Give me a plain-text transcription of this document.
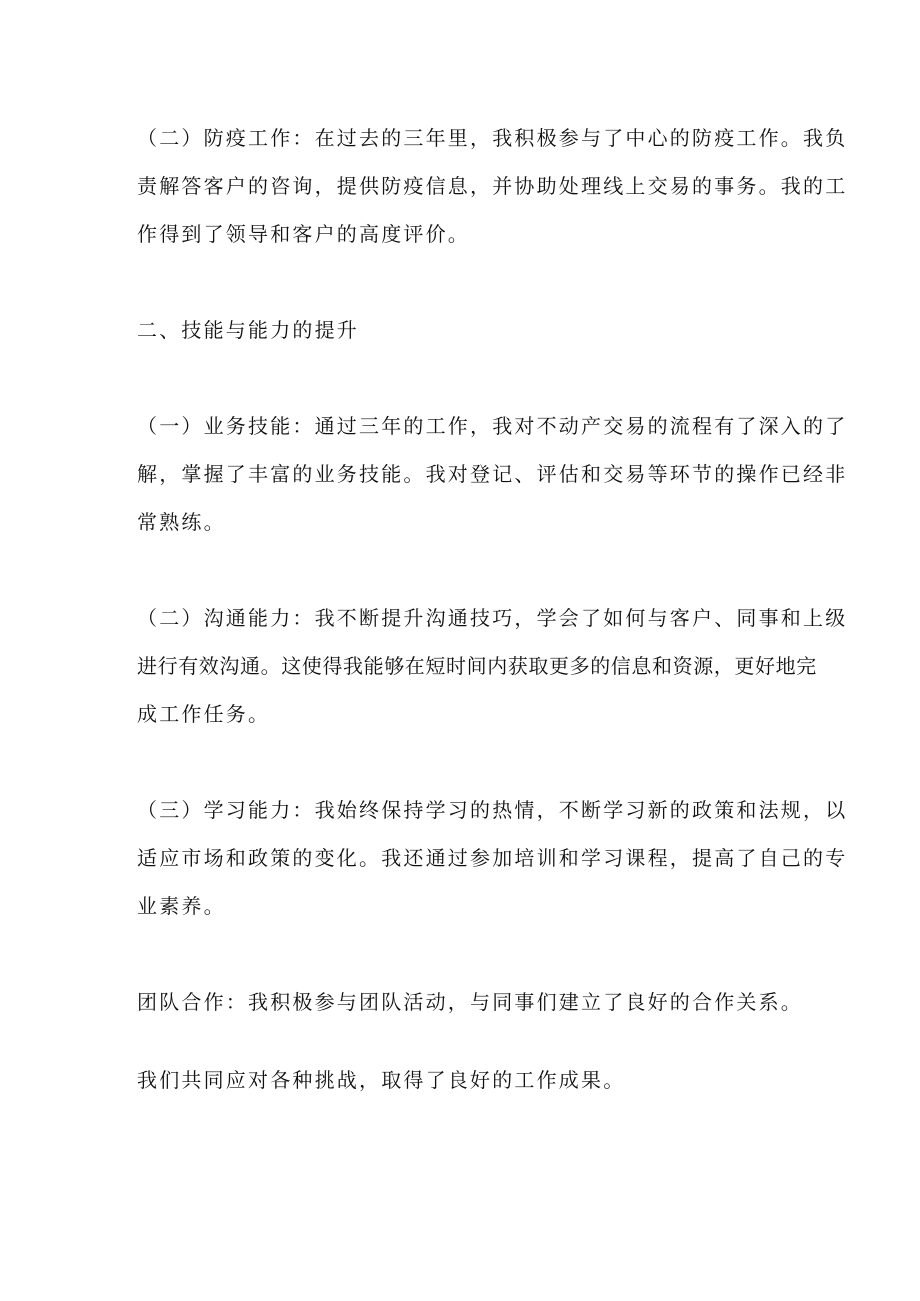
（二）防疫工作：在过去的三年里，我积极参与了中心的防疫工作。我负
责解答客户的咨询，提供防疫信息，并协助处理线上交易的事务。我的工
作得到了领导和客户的高度评价。
二、技能与能力的提升
（一）业务技能：通过三年的工作，我对不动产交易的流程有了深入的了
解，掌握了丰富的业务技能。我对登记、评估和交易等环节的操作已经非
常熟练。
（二）沟通能力：我不断提升沟通技巧，学会了如何与客户、同事和上级
进行有效沟通。这使得我能够在短时间内获取更多的信息和资源，更好地完
成工作任务。
（三）学习能力：我始终保持学习的热情，不断学习新的政策和法规，以
适应市场和政策的变化。我还通过参加培训和学习课程，提高了自己的专
业素养。
团队合作：我积极参与团队活动，与同事们建立了良好的合作关系。
我们共同应对各种挑战，取得了良好的工作成果。
